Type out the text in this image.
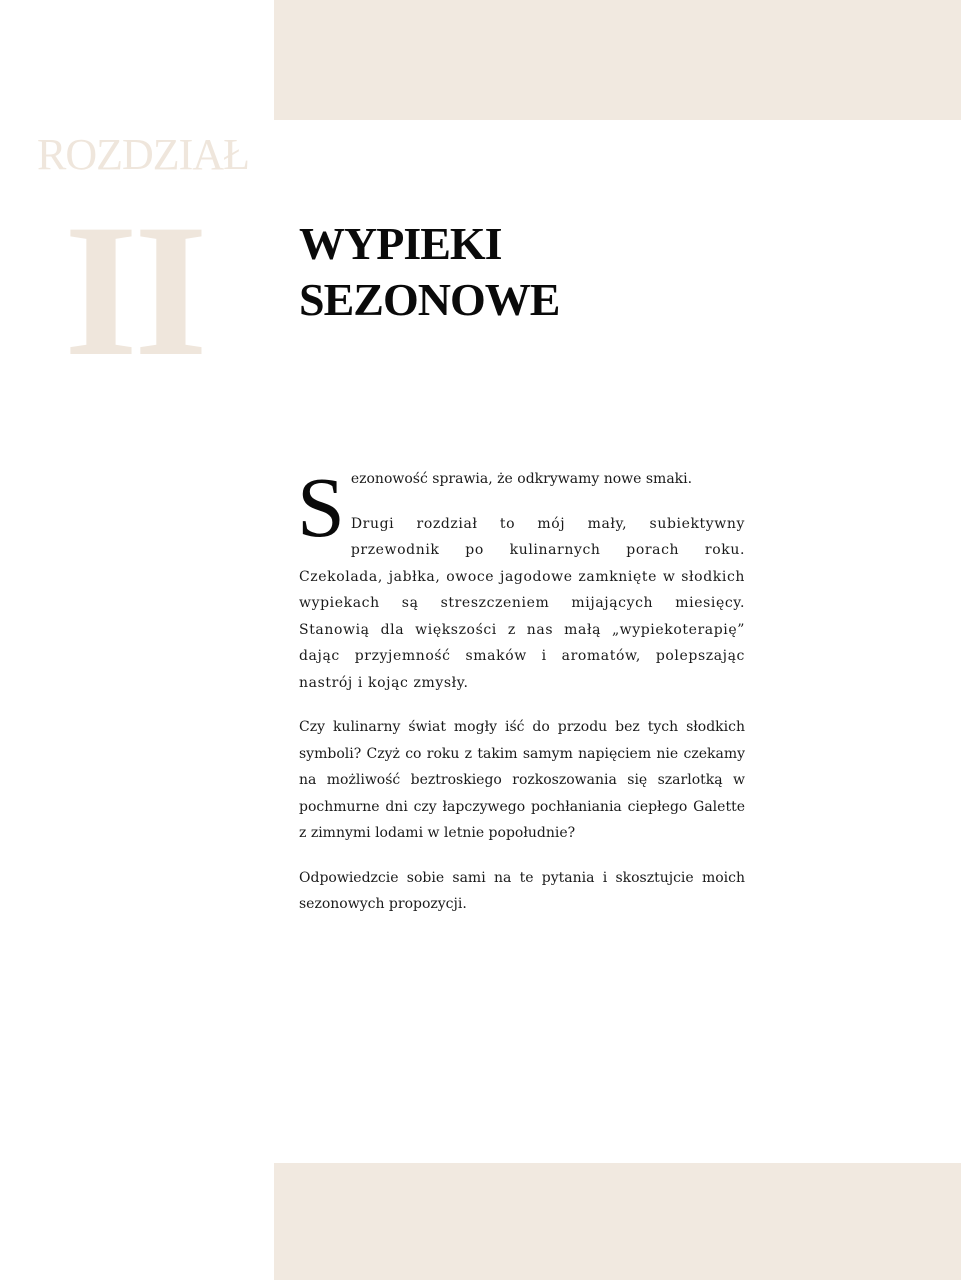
ROZDZIAŁ
II WYPIEKI
SEZONOWE
S ezonowość sprawia, że odkrywamy nowe smaki.

Drugi rozdział to mój mały, subiektywny przewodnik po kulinarnych porach roku. Czekolada, jabłka, owoce jagodowe zamknięte w słodkich wypiekach są streszczeniem mijających miesięcy. Stanowią dla większości z nas małą „wypiekoterapię” dając przyjemność smaków i aromatów, polepszając nastrój i kojąc zmysły.

Czy kulinarny świat mogły iść do przodu bez tych słodkich symboli? Czyż co roku z takim samym napięciem nie czekamy na możliwość beztroskiego rozkoszowania się szarlotką w pochmurne dni czy łapczywego pochłaniania ciepłego Galette z zimnymi lodami w letnie popołudnie?

Odpowiedzcie sobie sami na te pytania i skosztujcie moich sezonowych propozycji.
